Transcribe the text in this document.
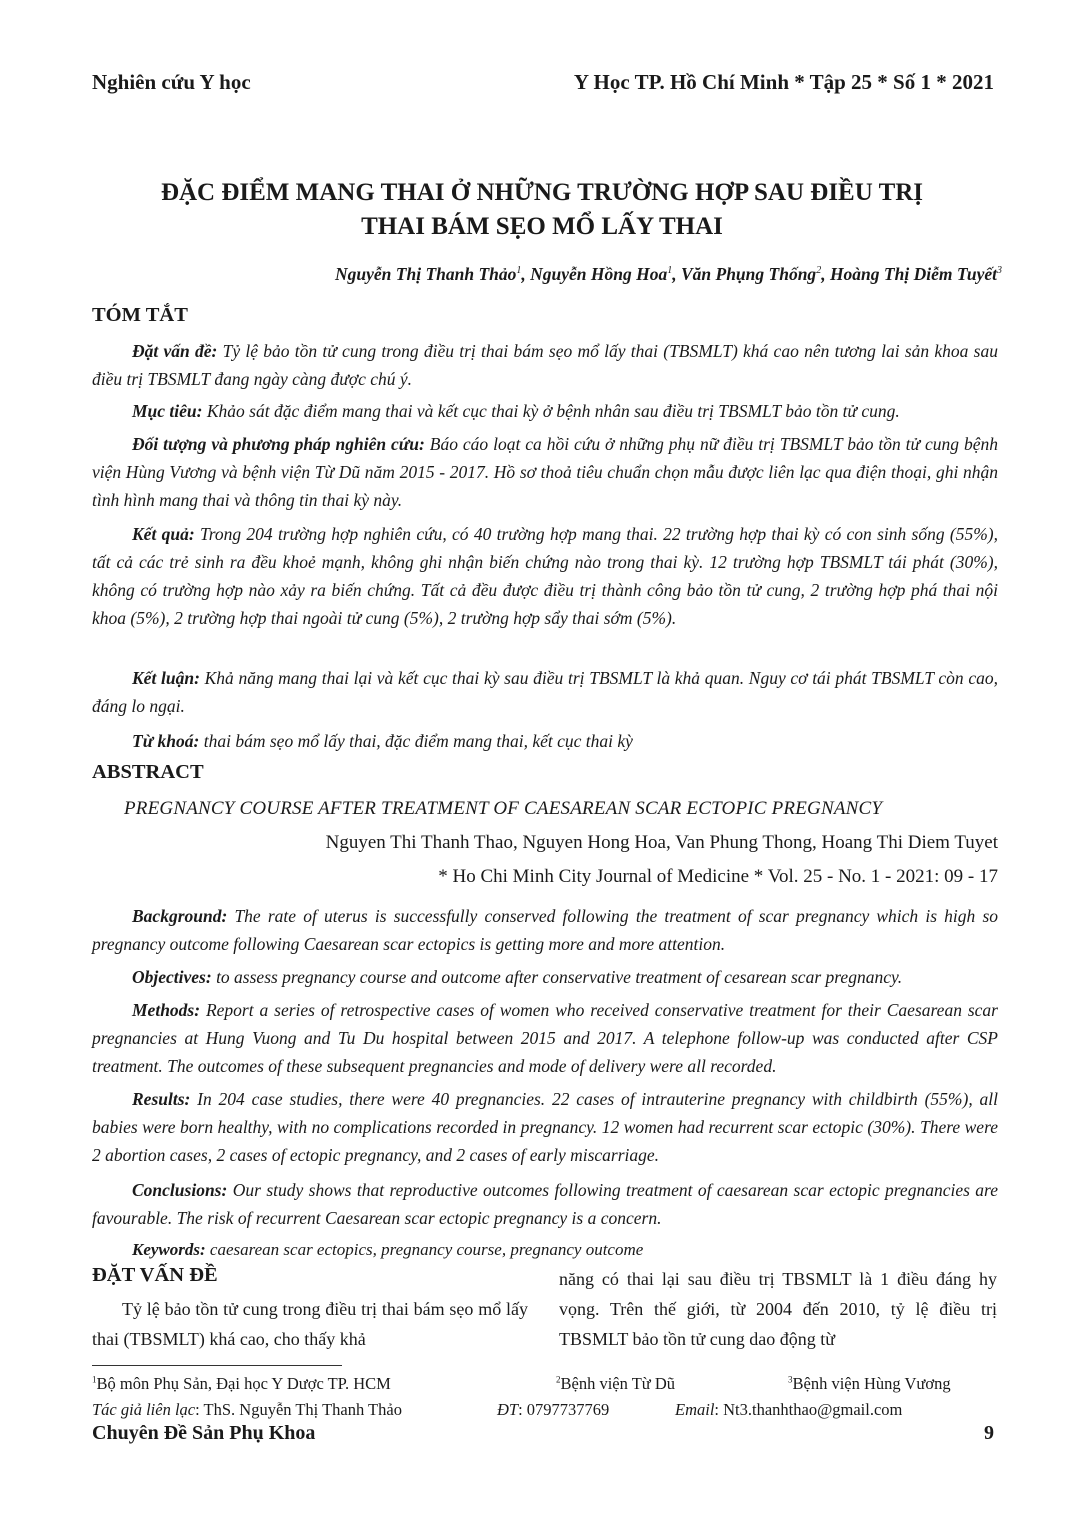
Nghiên cứu Y học	Y Học TP. Hồ Chí Minh * Tập 25 * Số 1 * 2021
ĐẶC ĐIỂM MANG THAI Ở NHỮNG TRƯỜNG HỢP SAU ĐIỀU TRỊ
THAI BÁM SẸO MỔ LẤY THAI
Nguyễn Thị Thanh Thảo$^1$, Nguyễn Hồng Hoa$^1$, Văn Phụng Thống$^2$, Hoàng Thị Diễm Tuyết$^3$
TÓM TẮT
Đặt vấn đề: Tỷ lệ bảo tồn tử cung trong điều trị thai bám sẹo mổ lấy thai (TBSMLT) khá cao nên tương lai sản khoa sau điều trị TBSMLT đang ngày càng được chú ý.
Mục tiêu: Khảo sát đặc điểm mang thai và kết cục thai kỳ ở bệnh nhân sau điều trị TBSMLT bảo tồn tử cung.
Đối tượng và phương pháp nghiên cứu: Báo cáo loạt ca hồi cứu ở những phụ nữ điều trị TBSMLT bảo tồn tử cung bệnh viện Hùng Vương và bệnh viện Từ Dũ năm 2015 - 2017. Hồ sơ thoả tiêu chuẩn chọn mẫu được liên lạc qua điện thoại, ghi nhận tình hình mang thai và thông tin thai kỳ này.
Kết quả: Trong 204 trường hợp nghiên cứu, có 40 trường hợp mang thai. 22 trường hợp thai kỳ có con sinh sống (55%), tất cả các trẻ sinh ra đều khoẻ mạnh, không ghi nhận biến chứng nào trong thai kỳ. 12 trường hợp TBSMLT tái phát (30%), không có trường hợp nào xảy ra biến chứng. Tất cả đều được điều trị thành công bảo tồn tử cung, 2 trường hợp phá thai nội khoa (5%), 2 trường hợp thai ngoài tử cung (5%), 2 trường hợp sẩy thai sớm (5%).
Kết luận: Khả năng mang thai lại và kết cục thai kỳ sau điều trị TBSMLT là khả quan. Nguy cơ tái phát TBSMLT còn cao, đáng lo ngại.
Từ khoá: thai bám sẹo mổ lấy thai, đặc điểm mang thai, kết cục thai kỳ
ABSTRACT
PREGNANCY COURSE AFTER TREATMENT OF CAESAREAN SCAR ECTOPIC PREGNANCY
Nguyen Thi Thanh Thao, Nguyen Hong Hoa, Van Phung Thong, Hoang Thi Diem Tuyet
* Ho Chi Minh City Journal of Medicine * Vol. 25 - No. 1 - 2021: 09 - 17
Background: The rate of uterus is successfully conserved following the treatment of scar pregnancy which is high so pregnancy outcome following Caesarean scar ectopics is getting more and more attention.
Objectives: to assess pregnancy course and outcome after conservative treatment of cesarean scar pregnancy.
Methods: Report a series of retrospective cases of women who received conservative treatment for their Caesarean scar pregnancies at Hung Vuong and Tu Du hospital between 2015 and 2017. A telephone follow-up was conducted after CSP treatment. The outcomes of these subsequent pregnancies and mode of delivery were all recorded.
Results: In 204 case studies, there were 40 pregnancies. 22 cases of intrauterine pregnancy with childbirth (55%), all babies were born healthy, with no complications recorded in pregnancy. 12 women had recurrent scar ectopic (30%). There were 2 abortion cases, 2 cases of ectopic pregnancy, and 2 cases of early miscarriage.
Conclusions: Our study shows that reproductive outcomes following treatment of caesarean scar ectopic pregnancies are favourable. The risk of recurrent Caesarean scar ectopic pregnancy is a concern.
Keywords: caesarean scar ectopics, pregnancy course, pregnancy outcome
ĐẶT VẤN ĐỀ
Tỷ lệ bảo tồn tử cung trong điều trị thai bám sẹo mổ lấy thai (TBSMLT) khá cao, cho thấy khả
năng có thai lại sau điều trị TBSMLT là 1 điều đáng hy vọng. Trên thế giới, từ 2004 đến 2010, tỷ lệ điều trị TBSMLT bảo tồn tử cung dao động từ
$^1$Bộ môn Phụ Sản, Đại học Y Dược TP. HCM	$^2$Bệnh viện Từ Dũ	$^3$Bệnh viện Hùng Vương
Tác giả liên lạc: ThS. Nguyễn Thị Thanh Thảo	ĐT: 0797737769	Email: Nt3.thanhthao@gmail.com
Chuyên Đề Sản Phụ Khoa	9
